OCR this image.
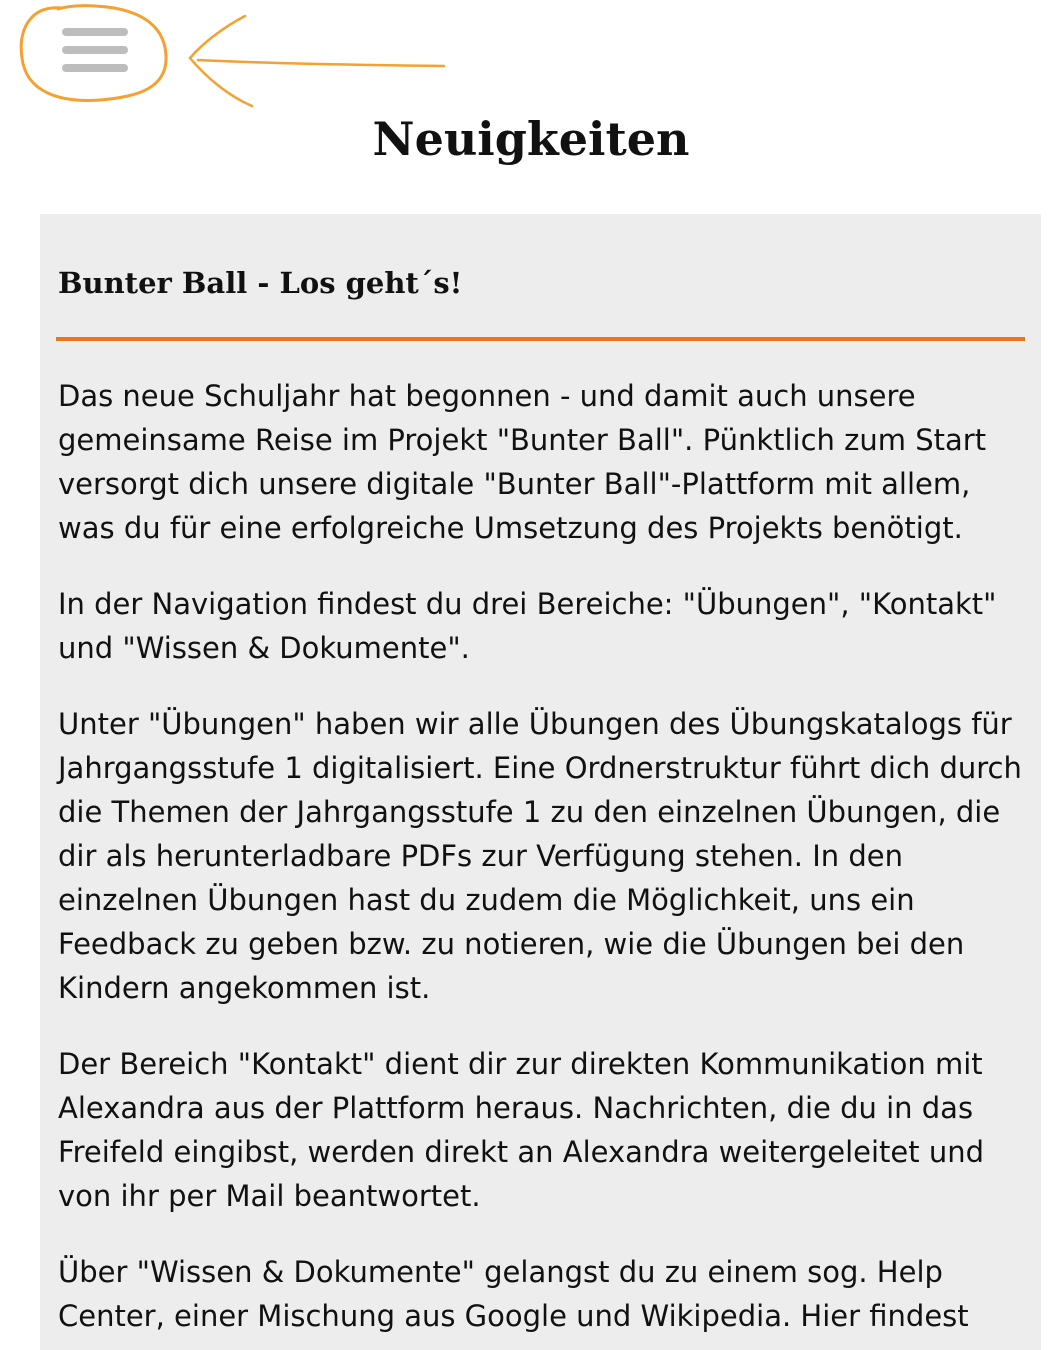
Neuigkeiten
Bunter Ball - Los geht´s!

Das neue Schuljahr hat begonnen - und damit auch unsere gemeinsame Reise im Projekt "Bunter Ball". Pünktlich zum Start versorgt dich unsere digitale "Bunter Ball"-Plattform mit allem, was du für eine erfolgreiche Umsetzung des Projekts benötigt.

In der Navigation findest du drei Bereiche: "Übungen", "Kontakt" und "Wissen & Dokumente".

Unter "Übungen" haben wir alle Übungen des Übungskatalogs für Jahrgangsstufe 1 digitalisiert. Eine Ordnerstruktur führt dich durch die Themen der Jahrgangsstufe 1 zu den einzelnen Übungen, die dir als herunterladbare PDFs zur Verfügung stehen. In den einzelnen Übungen hast du zudem die Möglichkeit, uns ein Feedback zu geben bzw. zu notieren, wie die Übungen bei den Kindern angekommen ist.

Der Bereich "Kontakt" dient dir zur direkten Kommunikation mit Alexandra aus der Plattform heraus. Nachrichten, die du in das Freifeld eingibst, werden direkt an Alexandra weitergeleitet und von ihr per Mail beantwortet.

Über "Wissen & Dokumente" gelangst du zu einem sog. Help Center, einer Mischung aus Google und Wikipedia. Hier findest
